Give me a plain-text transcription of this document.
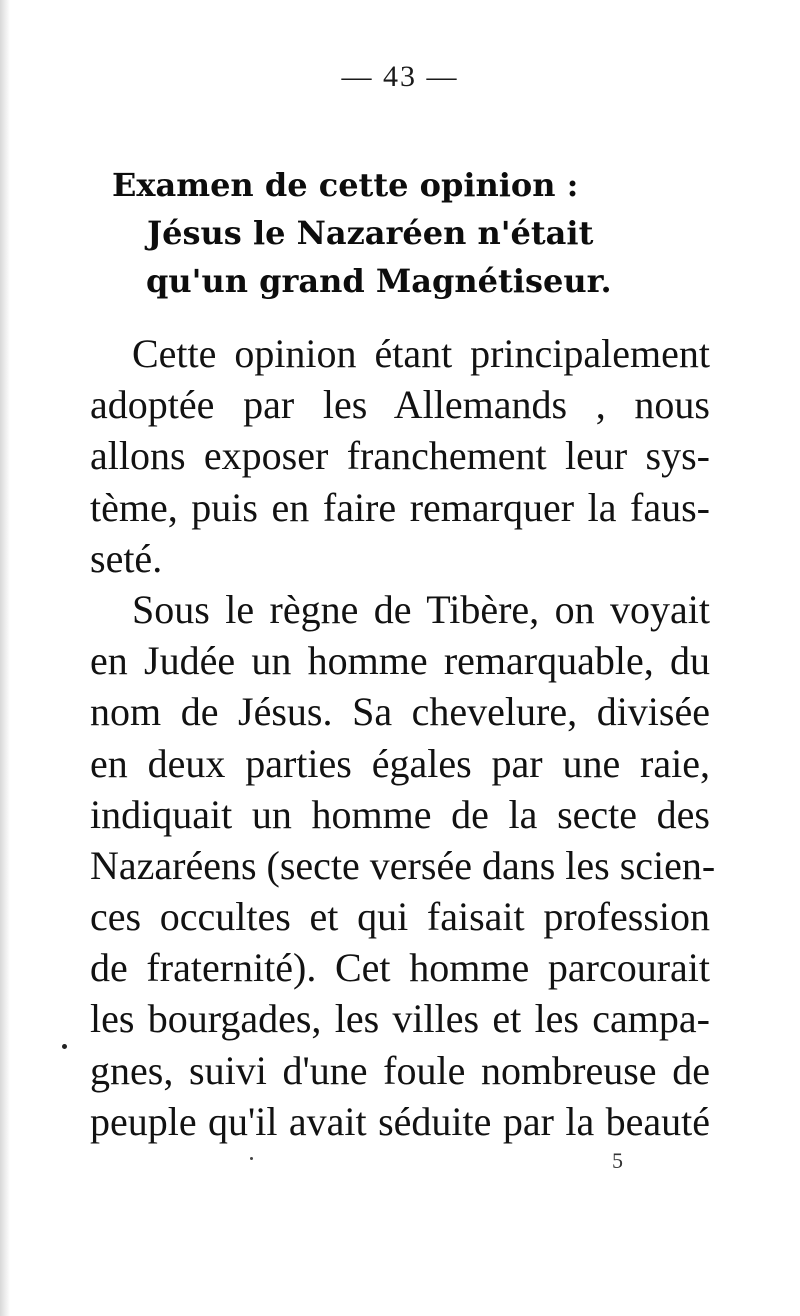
— 43 —
Examen de cette opinion :
Jésus le Nazaréen n'était
qu'un grand Magnétiseur.
Cette opinion étant principalement
adoptée par les Allemands , nous
allons exposer franchement leur sys-
tème, puis en faire remarquer la faus-
seté.
Sous le règne de Tibère, on voyait
en Judée un homme remarquable, du
nom de Jésus. Sa chevelure, divisée
en deux parties égales par une raie,
indiquait un homme de la secte des
Nazaréens (secte versée dans les scien-
ces occultes et qui faisait profession
de fraternité). Cet homme parcourait
les bourgades, les villes et les campa-
gnes, suivi d'une foule nombreuse de
peuple qu'il avait séduite par la beauté
5
